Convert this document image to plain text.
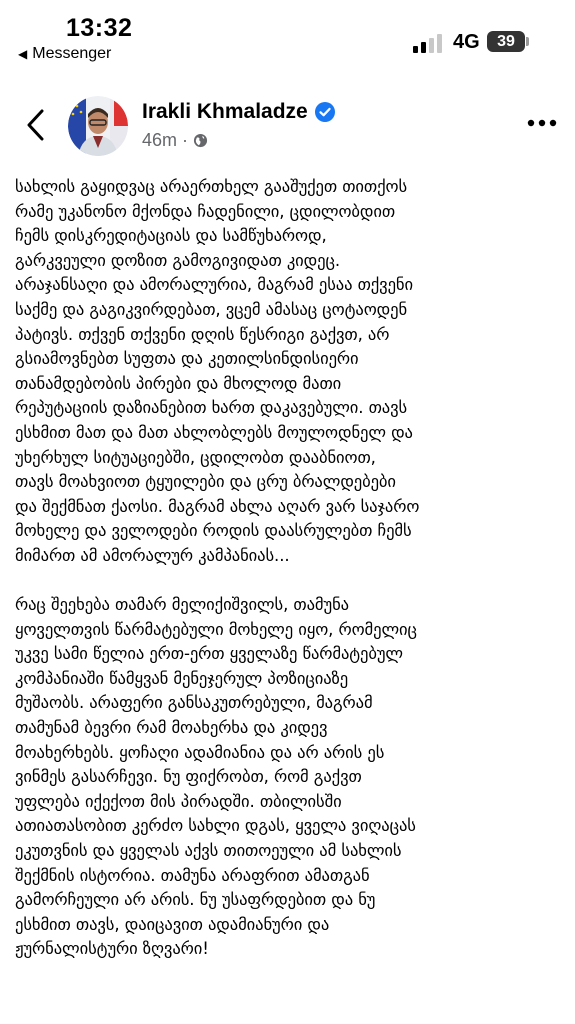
13:32
◀ Messenger
4G	39
Irakli Khmaladze
46m ·

სახლის გაყიდვაც არაერთხელ გააშუქეთ თითქოს
რამე უკანონო მქონდა ჩადენილი, ცდილობდით
ჩემს დისკრედიტაციას და სამწუხაროდ,
გარკვეული დოზით გამოგივიდათ კიდეც.
არაჯანსაღი და ამორალურია, მაგრამ ესაა თქვენი
საქმე და გაგიკვირდებათ, ვცემ ამასაც ცოტაოდენ
პატივს. თქვენ თქვენი დღის წესრიგი გაქვთ, არ
გსიამოვნებთ სუფთა და კეთილსინდისიერი
თანამდებობის პირები და მხოლოდ მათი
რეპუტაციის დაზიანებით ხართ დაკავებული. თავს
ესხმით მათ და მათ ახლობლებს მოულოდნელ და
უხერხულ სიტუაციებში, ცდილობთ დააბნიოთ,
თავს მოახვიოთ ტყუილები და ცრუ ბრალდებები
და შექმნათ ქაოსი. მაგრამ ახლა აღარ ვარ საჯარო
მოხელე და ველოდები როდის დაასრულებთ ჩემს
მიმართ ამ ამორალურ კამპანიას...

რაც შეეხება თამარ მელიქიშვილს, თამუნა
ყოველთვის წარმატებული მოხელე იყო, რომელიც
უკვე სამი წელია ერთ-ერთ ყველაზე წარმატებულ
კომპანიაში წამყვან მენეჯერულ პოზიციაზე
მუშაობს. არაფერი განსაკუთრებული, მაგრამ
თამუნამ ბევრი რამ მოახერხა და კიდევ
მოახერხებს. ყოჩაღი ადამიანია და არ არის ეს
ვინმეს გასარჩევი. ნუ ფიქრობთ, რომ გაქვთ
უფლება იქექოთ მის პირადში. თბილისში
ათიათასობით კერძო სახლი დგას, ყველა ვიღაცას
ეკუთვნის და ყველას აქვს თითოეული ამ სახლის
შექმნის ისტორია. თამუნა არაფრით ამათგან
გამორჩეული არ არის. ნუ უსაფრდებით და ნუ
ესხმით თავს, დაიცავით ადამიანური და
ჟურნალისტური ზღვარი!
